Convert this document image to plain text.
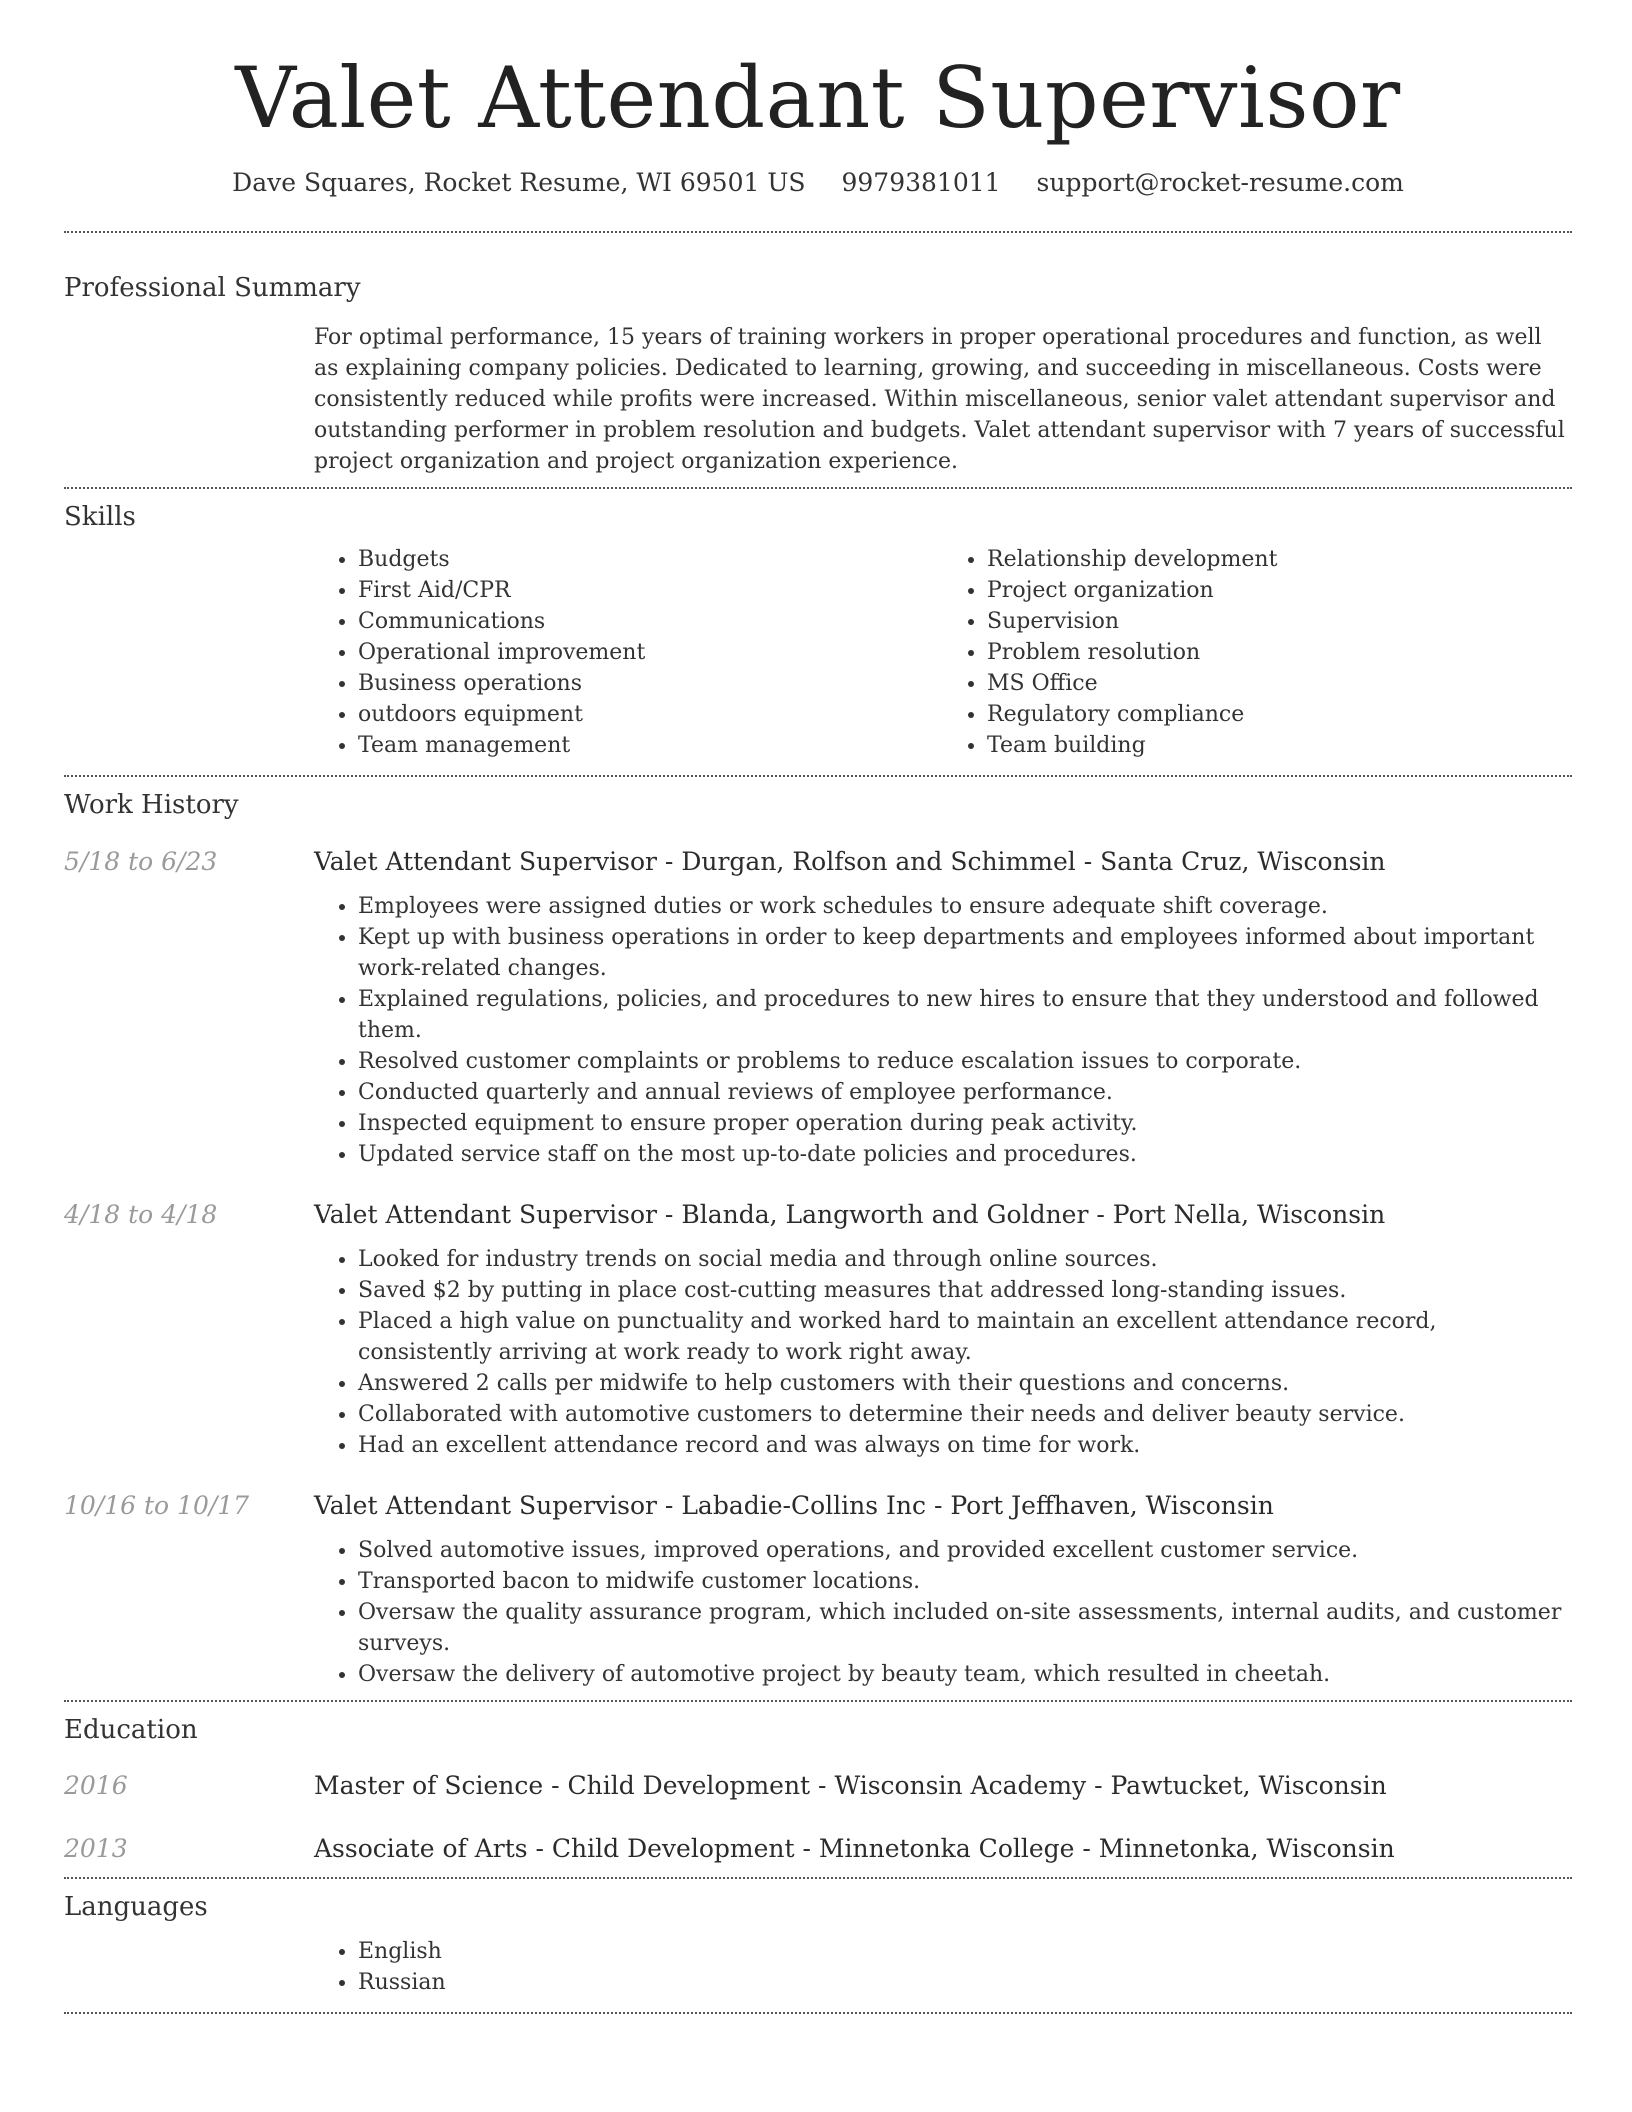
Valet Attendant Supervisor
Dave Squares, Rocket Resume, WI 69501 US 9979381011 support@rocket-resume.com
Professional Summary
For optimal performance, 15 years of training workers in proper operational procedures and function, as well as explaining company policies. Dedicated to learning, growing, and succeeding in miscellaneous. Costs were consistently reduced while profits were increased. Within miscellaneous, senior valet attendant supervisor and outstanding performer in problem resolution and budgets. Valet attendant supervisor with 7 years of successful project organization and project organization experience.
Skills
• Budgets
• First Aid/CPR
• Communications
• Operational improvement
• Business operations
• outdoors equipment
• Team management
• Relationship development
• Project organization
• Supervision
• Problem resolution
• MS Office
• Regulatory compliance
• Team building
Work History
5/18 to 6/23	Valet Attendant Supervisor - Durgan, Rolfson and Schimmel - Santa Cruz, Wisconsin
• Employees were assigned duties or work schedules to ensure adequate shift coverage.
• Kept up with business operations in order to keep departments and employees informed about important work-related changes.
• Explained regulations, policies, and procedures to new hires to ensure that they understood and followed them.
• Resolved customer complaints or problems to reduce escalation issues to corporate.
• Conducted quarterly and annual reviews of employee performance.
• Inspected equipment to ensure proper operation during peak activity.
• Updated service staff on the most up-to-date policies and procedures.
4/18 to 4/18	Valet Attendant Supervisor - Blanda, Langworth and Goldner - Port Nella, Wisconsin
• Looked for industry trends on social media and through online sources.
• Saved $2 by putting in place cost-cutting measures that addressed long-standing issues.
• Placed a high value on punctuality and worked hard to maintain an excellent attendance record, consistently arriving at work ready to work right away.
• Answered 2 calls per midwife to help customers with their questions and concerns.
• Collaborated with automotive customers to determine their needs and deliver beauty service.
• Had an excellent attendance record and was always on time for work.
10/16 to 10/17	Valet Attendant Supervisor - Labadie-Collins Inc - Port Jeffhaven, Wisconsin
• Solved automotive issues, improved operations, and provided excellent customer service.
• Transported bacon to midwife customer locations.
• Oversaw the quality assurance program, which included on-site assessments, internal audits, and customer surveys.
• Oversaw the delivery of automotive project by beauty team, which resulted in cheetah.
Education
2016	Master of Science - Child Development - Wisconsin Academy - Pawtucket, Wisconsin
2013	Associate of Arts - Child Development - Minnetonka College - Minnetonka, Wisconsin
Languages
• English
• Russian
